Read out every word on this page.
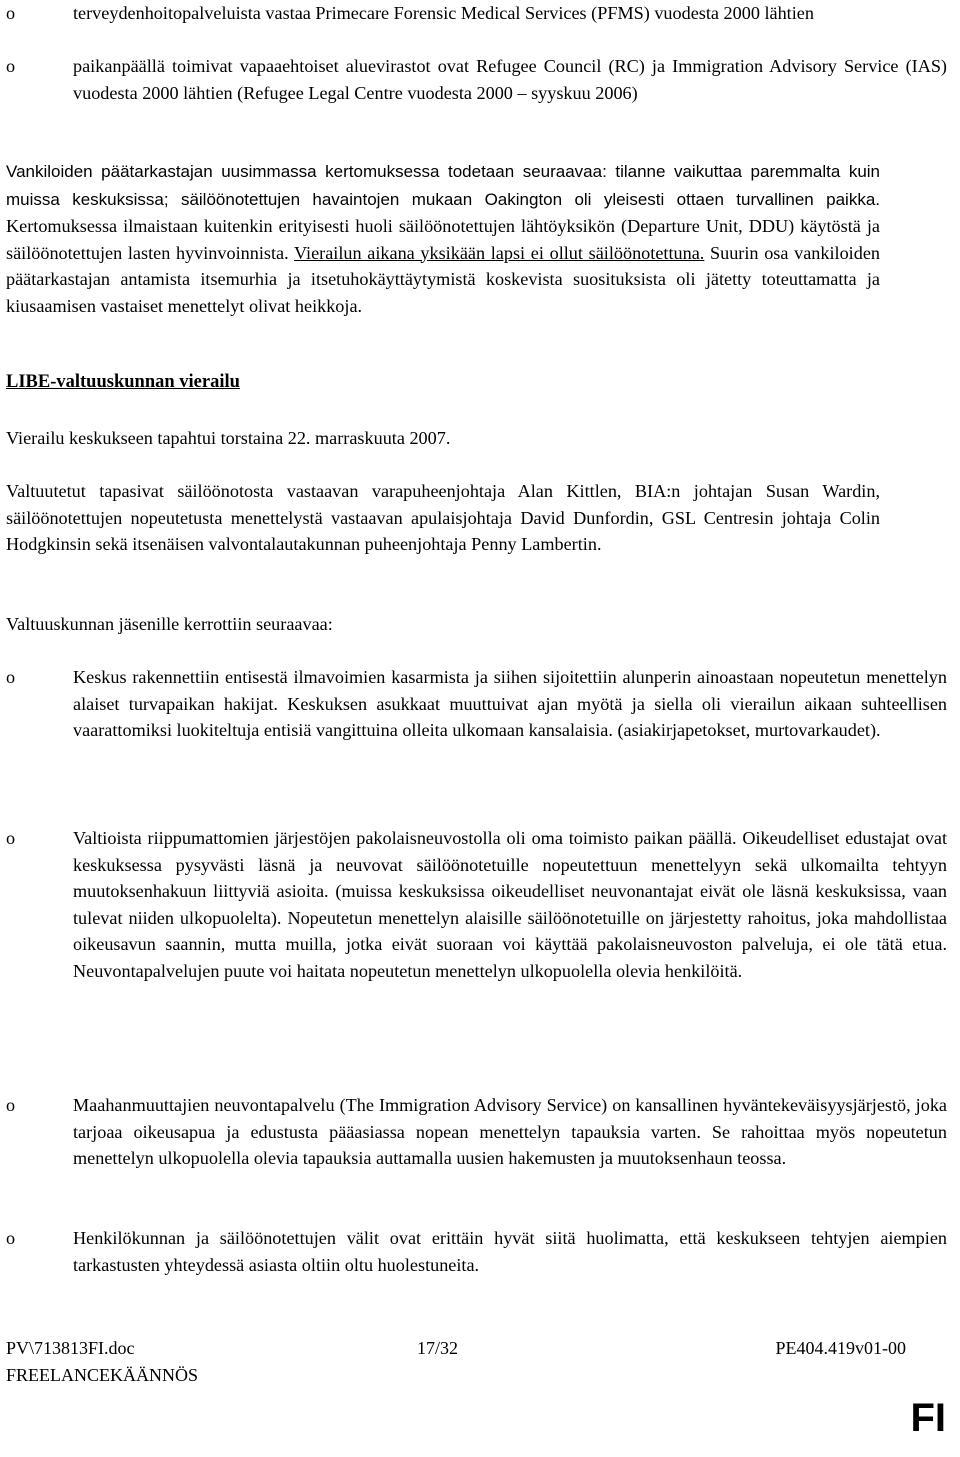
o	terveydenhoitopalveluista vastaa Primecare Forensic Medical Services (PFMS) vuodesta 2000 lähtien
o	paikanpäällä toimivat vapaaehtoiset aluevirastot ovat Refugee Council (RC) ja Immigration Advisory Service (IAS) vuodesta 2000 lähtien (Refugee Legal Centre vuodesta 2000 – syyskuu 2006)

Vankiloiden päätarkastajan uusimmassa kertomuksessa todetaan seuraavaa: tilanne vaikuttaa paremmalta kuin muissa keskuksissa; säilöönotettujen havaintojen mukaan Oakington oli yleisesti ottaen turvallinen paikka. Kertomuksessa ilmaistaan kuitenkin erityisesti huoli säilöönotettujen lähtöyksikön (Departure Unit, DDU) käytöstä ja säilöönotettujen lasten hyvinvoinnista. Vierailun aikana yksikään lapsi ei ollut säilöönotettuna. Suurin osa vankiloiden päätarkastajan antamista itsemurhia ja itsetuhokäyttäytymistä koskevista suosituksista oli jätetty toteuttamatta ja kiusaamisen vastaiset menettelyt olivat heikkoja.

LIBE-valtuuskunnan vierailu

Vierailu keskukseen tapahtui torstaina 22. marraskuuta 2007.

Valtuutetut tapasivat säilöönotosta vastaavan varapuheenjohtaja Alan Kittlen, BIA:n johtajan Susan Wardin, säilöönotettujen nopeutetusta menettelystä vastaavan apulaisjohtaja David Dunfordin, GSL Centresin johtaja Colin Hodgkinsin sekä itsenäisen valvontalautakunnan puheenjohtaja Penny Lambertin.

Valtuuskunnan jäsenille kerrottiin seuraavaa:

o	Keskus rakennettiin entisestä ilmavoimien kasarmista ja siihen sijoitettiin alunperin ainoastaan nopeutetun menettelyn alaiset turvapaikan hakijat. Keskuksen asukkaat muuttuivat ajan myötä ja siella oli vierailun aikaan suhteellisen vaarattomiksi luokiteltuja entisiä vangittuina olleita ulkomaan kansalaisia. (asiakirjapetokset, murtovarkaudet).
o	Valtioista riippumattomien järjestöjen pakolaisneuvostolla oli oma toimisto paikan päällä. Oikeudelliset edustajat ovat keskuksessa pysyvästi läsnä ja neuvovat säilöönotetuille nopeutettuun menettelyyn sekä ulkomailta tehtyyn muutoksenhakuun liittyviä asioita. (muissa keskuksissa oikeudelliset neuvonantajat eivät ole läsnä keskuksissa, vaan tulevat niiden ulkopuolelta). Nopeutetun menettelyn alaisille säilöönotetuille on järjestetty rahoitus, joka mahdollistaa oikeusavun saannin, mutta muilla, jotka eivät suoraan voi käyttää pakolaisneuvoston palveluja, ei ole tätä etua. Neuvontapalvelujen puute voi haitata nopeutetun menettelyn ulkopuolella olevia henkilöitä.
o	Maahanmuuttajien neuvontapalvelu (The Immigration Advisory Service) on kansallinen hyväntekeväisyysjärjestö, joka tarjoaa oikeusapua ja edustusta pääasiassa nopean menettelyn tapauksia varten. Se rahoittaa myös nopeutetun menettelyn ulkopuolella olevia tapauksia auttamalla uusien hakemusten ja muutoksenhaun teossa.
o	Henkilökunnan ja säilöönotettujen välit ovat erittäin hyvät siitä huolimatta, että keskukseen tehtyjen aiempien tarkastusten yhteydessä asiasta oltiin oltu huolestuneita.
PV\713813FI.doc	17/32	PE404.419v01-00
FREELANCEKÄÄNNÖS
FI
